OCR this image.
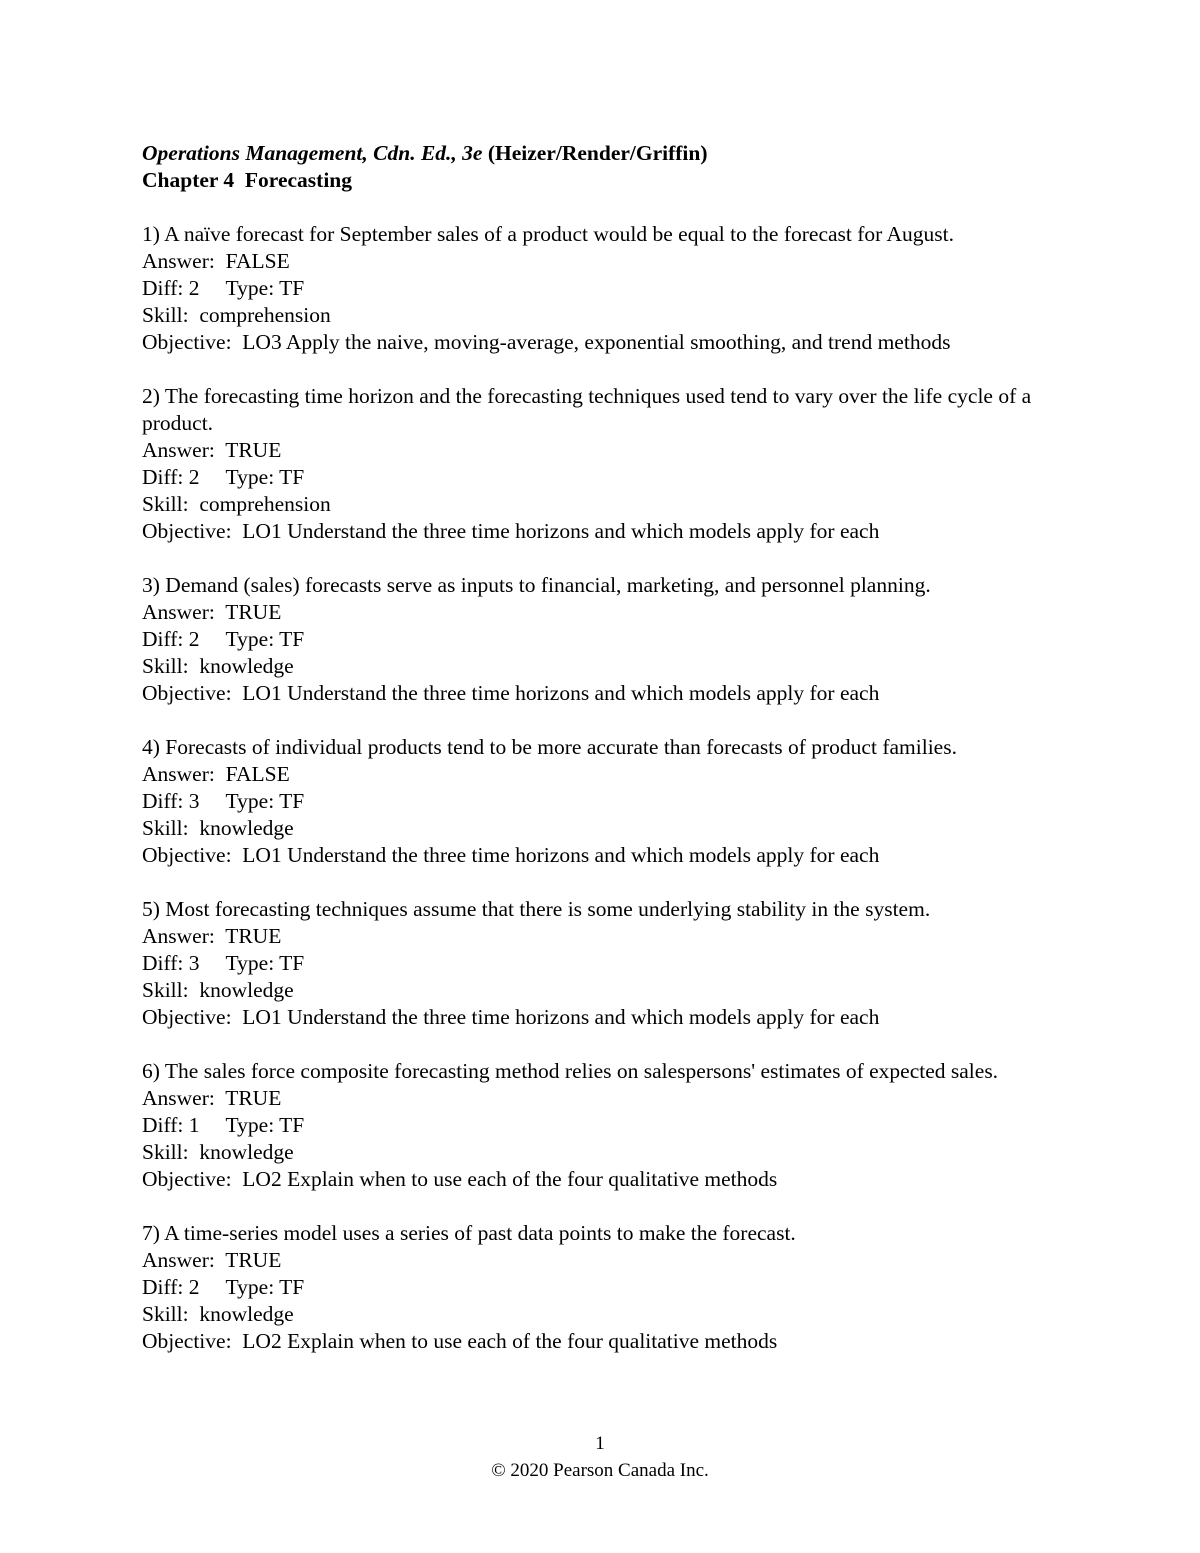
Operations Management, Cdn. Ed., 3e (Heizer/Render/Griffin)
Chapter 4  Forecasting
1) A naïve forecast for September sales of a product would be equal to the forecast for August.
Answer:  FALSE
Diff: 2 Type: TF
Skill:  comprehension
Objective:  LO3 Apply the naive, moving-average, exponential smoothing, and trend methods
2) The forecasting time horizon and the forecasting techniques used tend to vary over the life cycle of a product.
Answer:  TRUE
Diff: 2 Type: TF
Skill:  comprehension
Objective:  LO1 Understand the three time horizons and which models apply for each
3) Demand (sales) forecasts serve as inputs to financial, marketing, and personnel planning.
Answer:  TRUE
Diff: 2 Type: TF
Skill:  knowledge
Objective:  LO1 Understand the three time horizons and which models apply for each
4) Forecasts of individual products tend to be more accurate than forecasts of product families.
Answer:  FALSE
Diff: 3 Type: TF
Skill:  knowledge
Objective:  LO1 Understand the three time horizons and which models apply for each
5) Most forecasting techniques assume that there is some underlying stability in the system.
Answer:  TRUE
Diff: 3 Type: TF
Skill:  knowledge
Objective:  LO1 Understand the three time horizons and which models apply for each
6) The sales force composite forecasting method relies on salespersons' estimates of expected sales.
Answer:  TRUE
Diff: 1 Type: TF
Skill:  knowledge
Objective:  LO2 Explain when to use each of the four qualitative methods
7) A time-series model uses a series of past data points to make the forecast.
Answer:  TRUE
Diff: 2 Type: TF
Skill:  knowledge
Objective:  LO2 Explain when to use each of the four qualitative methods
1
© 2020 Pearson Canada Inc.
